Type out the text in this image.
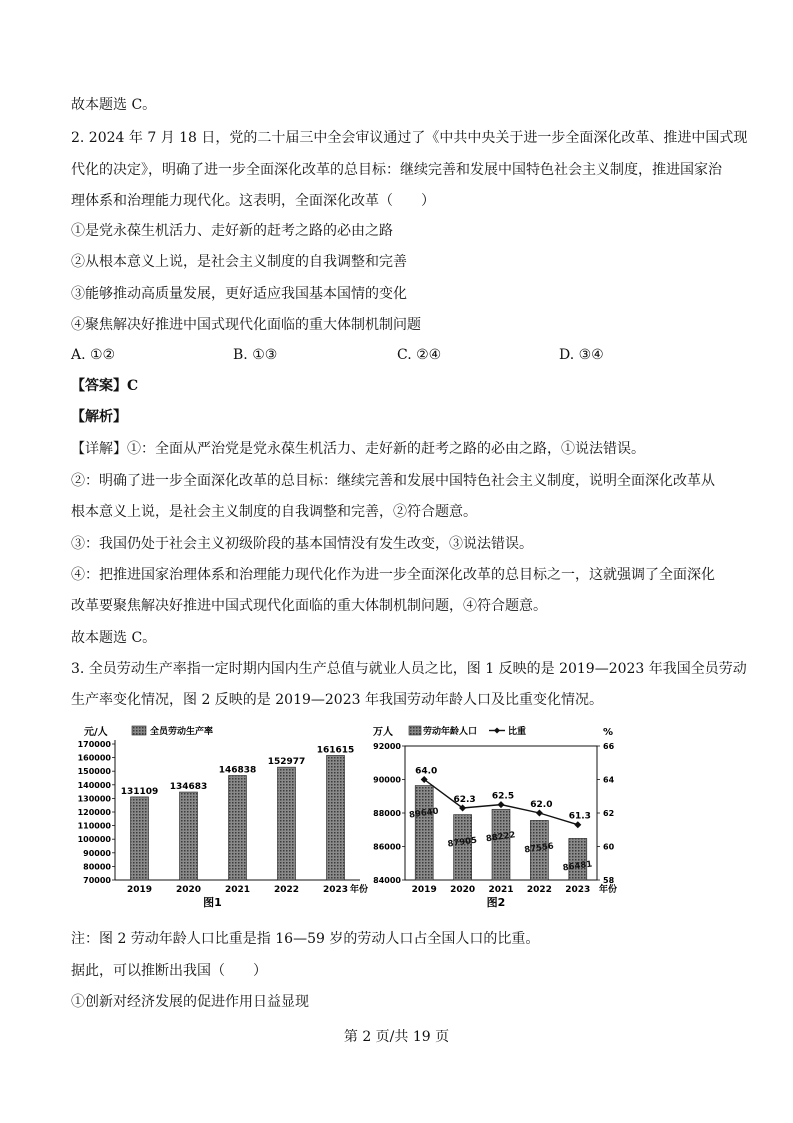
故本题选 C。
2. 2024 年 7 月 18 日，党的二十届三中全会审议通过了《中共中央关于进一步全面深化改革、推进中国式现
代化的决定》，明确了进一步全面深化改革的总目标：继续完善和发展中国特色社会主义制度，推进国家治
理体系和治理能力现代化。这表明，全面深化改革（　　）
①是党永葆生机活力、走好新的赶考之路的必由之路
②从根本意义上说，是社会主义制度的自我调整和完善
③能够推动高质量发展，更好适应我国基本国情的变化
④聚焦解决好推进中国式现代化面临的重大体制机制问题
A. ①②	B. ①③	C. ②④	D. ③④
【答案】C
【解析】
【详解】①：全面从严治党是党永葆生机活力、走好新的赶考之路的必由之路，①说法错误。
②：明确了进一步全面深化改革的总目标：继续完善和发展中国特色社会主义制度，说明全面深化改革从
根本意义上说，是社会主义制度的自我调整和完善，②符合题意。
③：我国仍处于社会主义初级阶段的基本国情没有发生改变，③说法错误。
④：把推进国家治理体系和治理能力现代化作为进一步全面深化改革的总目标之一，这就强调了全面深化
改革要聚焦解决好推进中国式现代化面临的重大体制机制问题，④符合题意。
故本题选 C。
3. 全员劳动生产率指一定时期内国内生产总值与就业人员之比，图 1 反映的是 2019—2023 年我国全员劳动
生产率变化情况，图 2 反映的是 2019—2023 年我国劳动年龄人口及比重变化情况。
元/人	全员劳动生产率
70000
80000
90000
100000
110000
120000
130000
140000
150000
160000
170000
131109
2019
134683
2020
146838
2021
152977
2022
161615
2023 年份
图1
万人	%
劳动年龄人口	比重
84000
86000
88000
90000
92000
58
60
62
64
66
89640
2019
87905
2020
88222
2021
87556
2022
86481
2023
64.0
62.3 62.5
62.0
61.3
年份
图2
注：图 2 劳动年龄人口比重是指 16—59 岁的劳动人口占全国人口的比重。
据此，可以推断出我国（　　）
①创新对经济发展的促进作用日益显现
第 2 页/共 19 页
